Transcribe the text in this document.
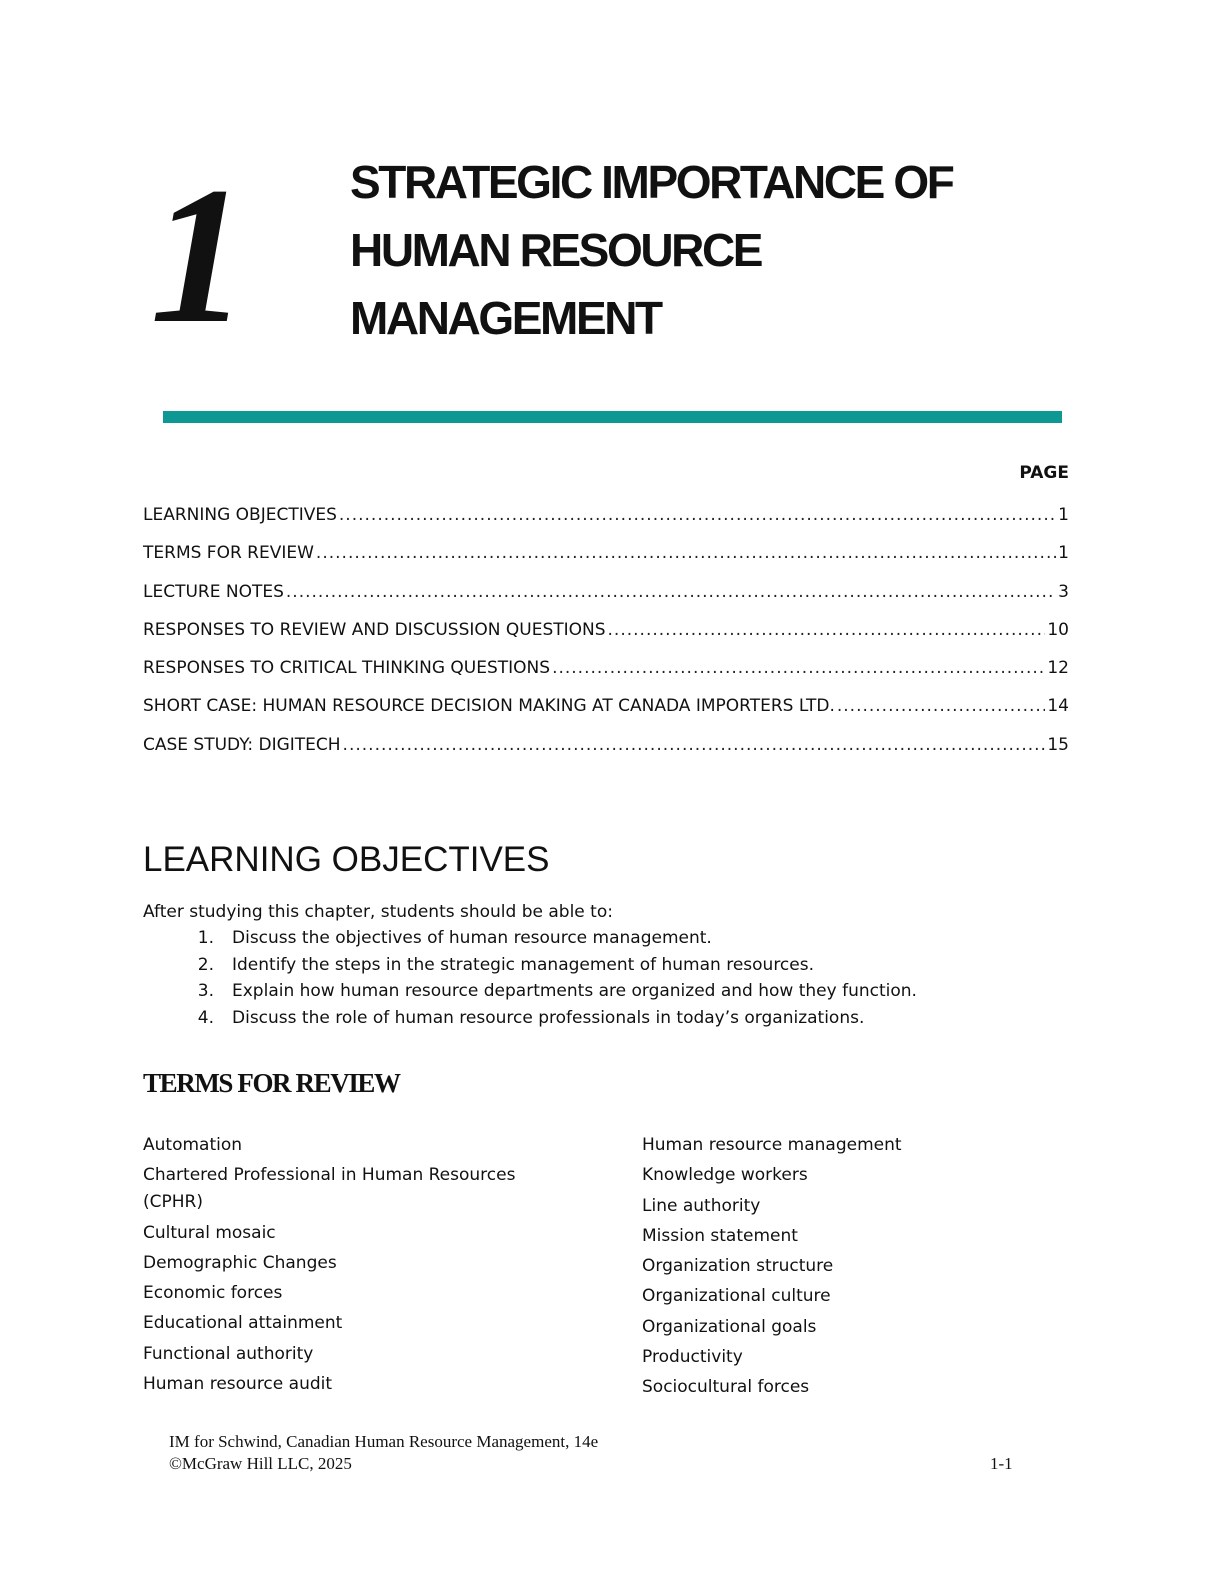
1 STRATEGIC IMPORTANCE OF
HUMAN RESOURCE
MANAGEMENT
PAGE
LEARNING OBJECTIVES .....	1
TERMS FOR REVIEW .....	1
LECTURE NOTES .....	3
RESPONSES TO REVIEW AND DISCUSSION QUESTIONS .....	10
RESPONSES TO CRITICAL THINKING QUESTIONS .....	12
SHORT CASE: HUMAN RESOURCE DECISION MAKING AT CANADA IMPORTERS LTD. .....	14
CASE STUDY: DIGITECH .....	15
LEARNING OBJECTIVES
After studying this chapter, students should be able to:
1.	Discuss the objectives of human resource management.
2.	Identify the steps in the strategic management of human resources.
3.	Explain how human resource departments are organized and how they function.
4.	Discuss the role of human resource professionals in today’s organizations.
TERMS FOR REVIEW
Automation
Chartered Professional in Human Resources (CPHR)
Cultural mosaic
Demographic Changes
Economic forces
Educational attainment
Functional authority
Human resource audit
Human resource management
Knowledge workers
Line authority
Mission statement
Organization structure
Organizational culture
Organizational goals
Productivity
Sociocultural forces
IM for Schwind, Canadian Human Resource Management, 14e
©McGraw Hill LLC, 2025	1-1
